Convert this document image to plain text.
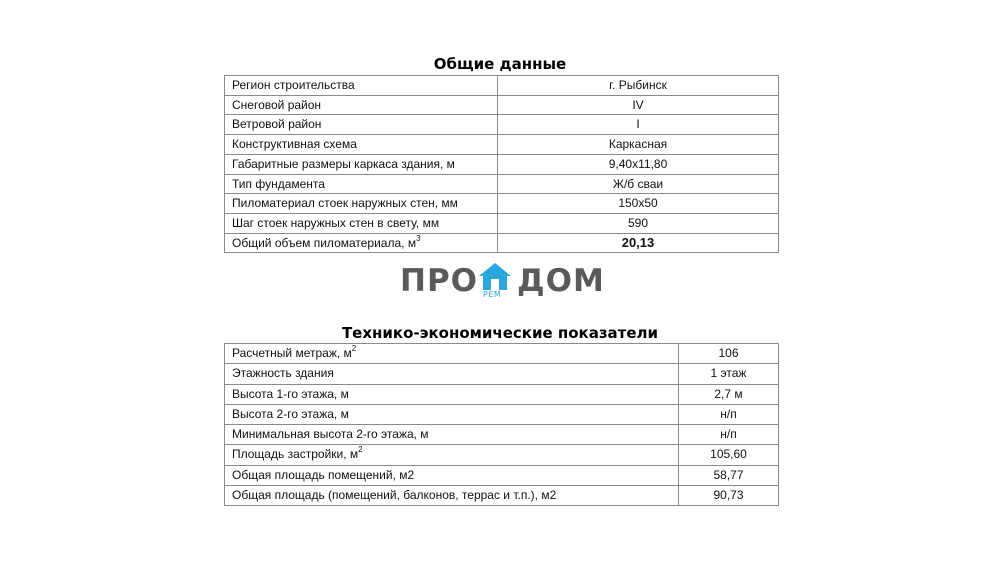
Общие данные
Регион строительства	г. Рыбинск
Снеговой район	IV
Ветровой район	I
Конструктивная схема	Каркасная
Габаритные размеры каркаса здания, м	9,40x11,80
Тип фундамента	Ж/б сваи
Пиломатериал стоек наружных стен, мм	150x50
Шаг стоек наружных стен в свету, мм	590
Общий объем пиломатериала, $м^3$	20,13
ПРО РЕМ ДОМ
Технико-экономические показатели
Расчетный метраж, $м^2$	106
Этажность здания	1 этаж
Высота 1-го этажа, м	2,7 м
Высота 2-го этажа, м	н/п
Минимальная высота 2-го этажа, м	н/п
Площадь застройки, $м^2$	105,60
Общая площадь помещений, м2	58,77
Общая площадь (помещений, балконов, террас и т.п.), м2	90,73
